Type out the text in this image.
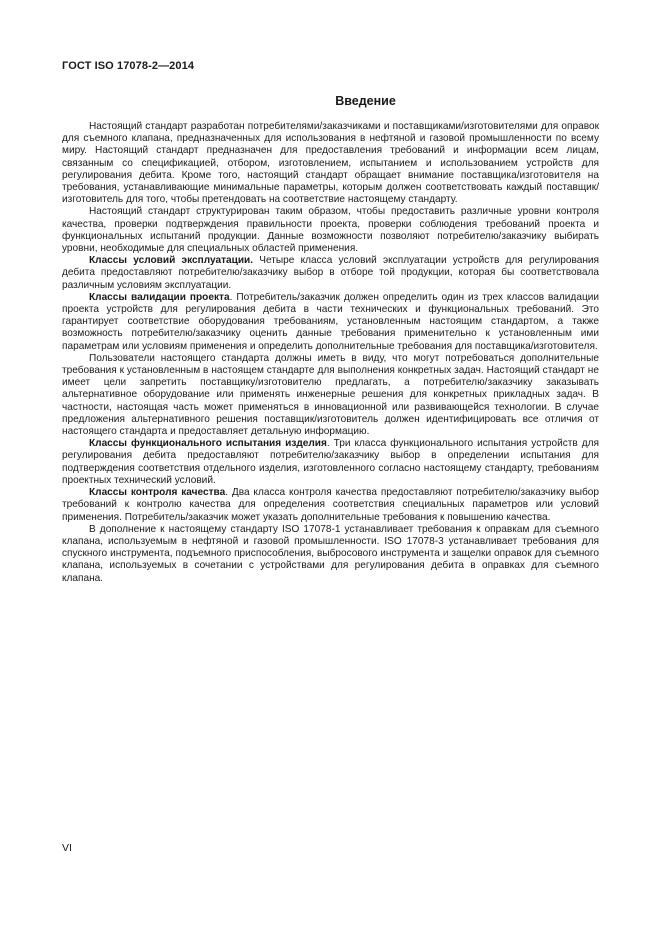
ГОСТ ISO 17078-2—2014
Введение

Настоящий стандарт разработан потребителями/заказчиками и поставщиками/изготовителями для оправок для съемного клапана, предназначенных для использования в нефтяной и газовой промышленности по всему миру. Настоящий стандарт предназначен для предоставления требований и информации всем лицам, связанным со спецификацией, отбором, изготовлением, испытанием и использованием устройств для регулирования дебита. Кроме того, настоящий стандарт обращает внимание поставщика/изготовителя на требования, устанавливающие минимальные параметры, которым должен соответствовать каждый поставщик/изготовитель для того, чтобы претендовать на соответствие настоящему стандарту.

Настоящий стандарт структурирован таким образом, чтобы предоставить различные уровни контроля качества, проверки подтверждения правильности проекта, проверки соблюдения требований проекта и функциональных испытаний продукции. Данные возможности позволяют потребителю/заказчику выбирать уровни, необходимые для специальных областей применения.

Классы условий эксплуатации. Четыре класса условий эксплуатации устройств для регулирования дебита предоставляют потребителю/заказчику выбор в отборе той продукции, которая бы соответствовала различным условиям эксплуатации.

Классы валидации проекта. Потребитель/заказчик должен определить один из трех классов валидации проекта устройств для регулирования дебита в части технических и функциональных требований. Это гарантирует соответствие оборудования требованиям, установленным настоящим стандартом, а также возможность потребителю/заказчику оценить данные требования применительно к установленным ими параметрам или условиям применения и определить дополнительные требования для поставщика/изготовителя.

Пользователи настоящего стандарта должны иметь в виду, что могут потребоваться дополнительные требования к установленным в настоящем стандарте для выполнения конкретных задач. Настоящий стандарт не имеет цели запретить поставщику/изготовителю предлагать, а потребителю/заказчику заказывать альтернативное оборудование или применять инженерные решения для конкретных прикладных задач. В частности, настоящая часть может применяться в инновационной или развивающейся технологии. В случае предложения альтернативного решения поставщик/изготовитель должен идентифицировать все отличия от настоящего стандарта и предоставляет детальную информацию.

Классы функционального испытания изделия. Три класса функционального испытания устройств для регулирования дебита предоставляют потребителю/заказчику выбор в определении испытания для подтверждения соответствия отдельного изделия, изготовленного согласно настоящему стандарту, требованиям проектных технический условий.

Классы контроля качества. Два класса контроля качества предоставляют потребителю/заказчику выбор требований к контролю качества для определения соответствия специальных параметров или условий применения. Потребитель/заказчик может указать дополнительные требования к повышению качества.

В дополнение к настоящему стандарту ISO 17078-1 устанавливает требования к оправкам для съемного клапана, используемым в нефтяной и газовой промышленности. ISO 17078-3 устанавливает требования для спускного инструмента, подъемного приспособления, выбросового инструмента и защелки оправок для съемного клапана, используемых в сочетании с устройствами для регулирования дебита в оправках для съемного клапана.

VI
